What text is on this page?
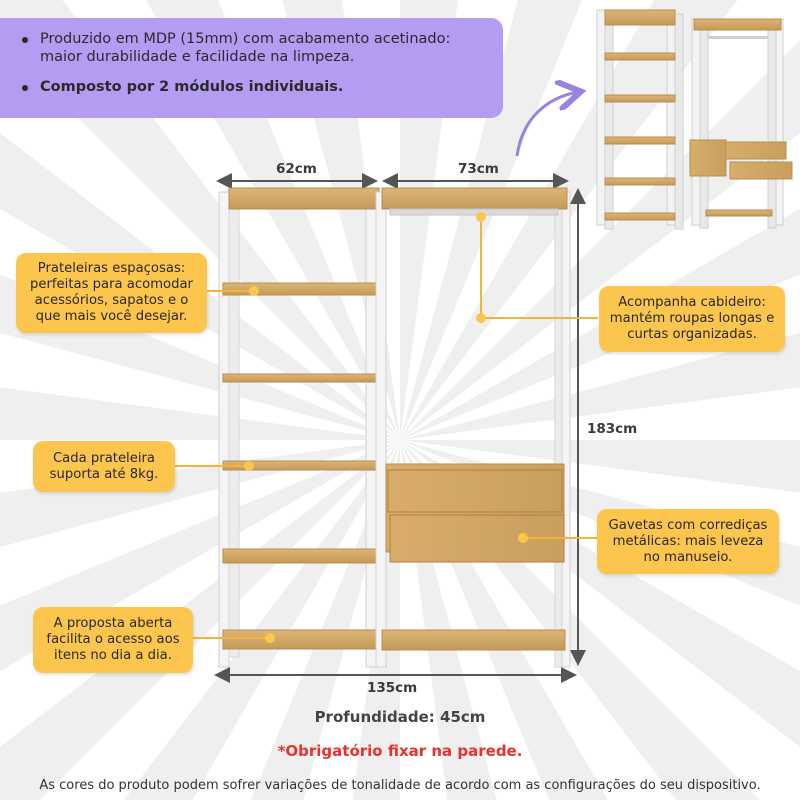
Produzido em MDP (15mm) com acabamento acetinado: maior durabilidade e facilidade na limpeza.
Composto por 2 módulos individuais.
62cm	73cm
183cm
135cm
Prateleiras espaçosas: perfeitas para acomodar acessórios, sapatos e o que mais você desejar.
Acompanha cabideiro: mantém roupas longas e curtas organizadas.
Cada prateleira suporta até 8kg.
Gavetas com corrediças metálicas: mais leveza no manuseio.
A proposta aberta facilita o acesso aos itens no dia a dia.
Profundidade: 45cm
*Obrigatório fixar na parede.
As cores do produto podem sofrer variações de tonalidade de acordo com as configurações do seu dispositivo.
